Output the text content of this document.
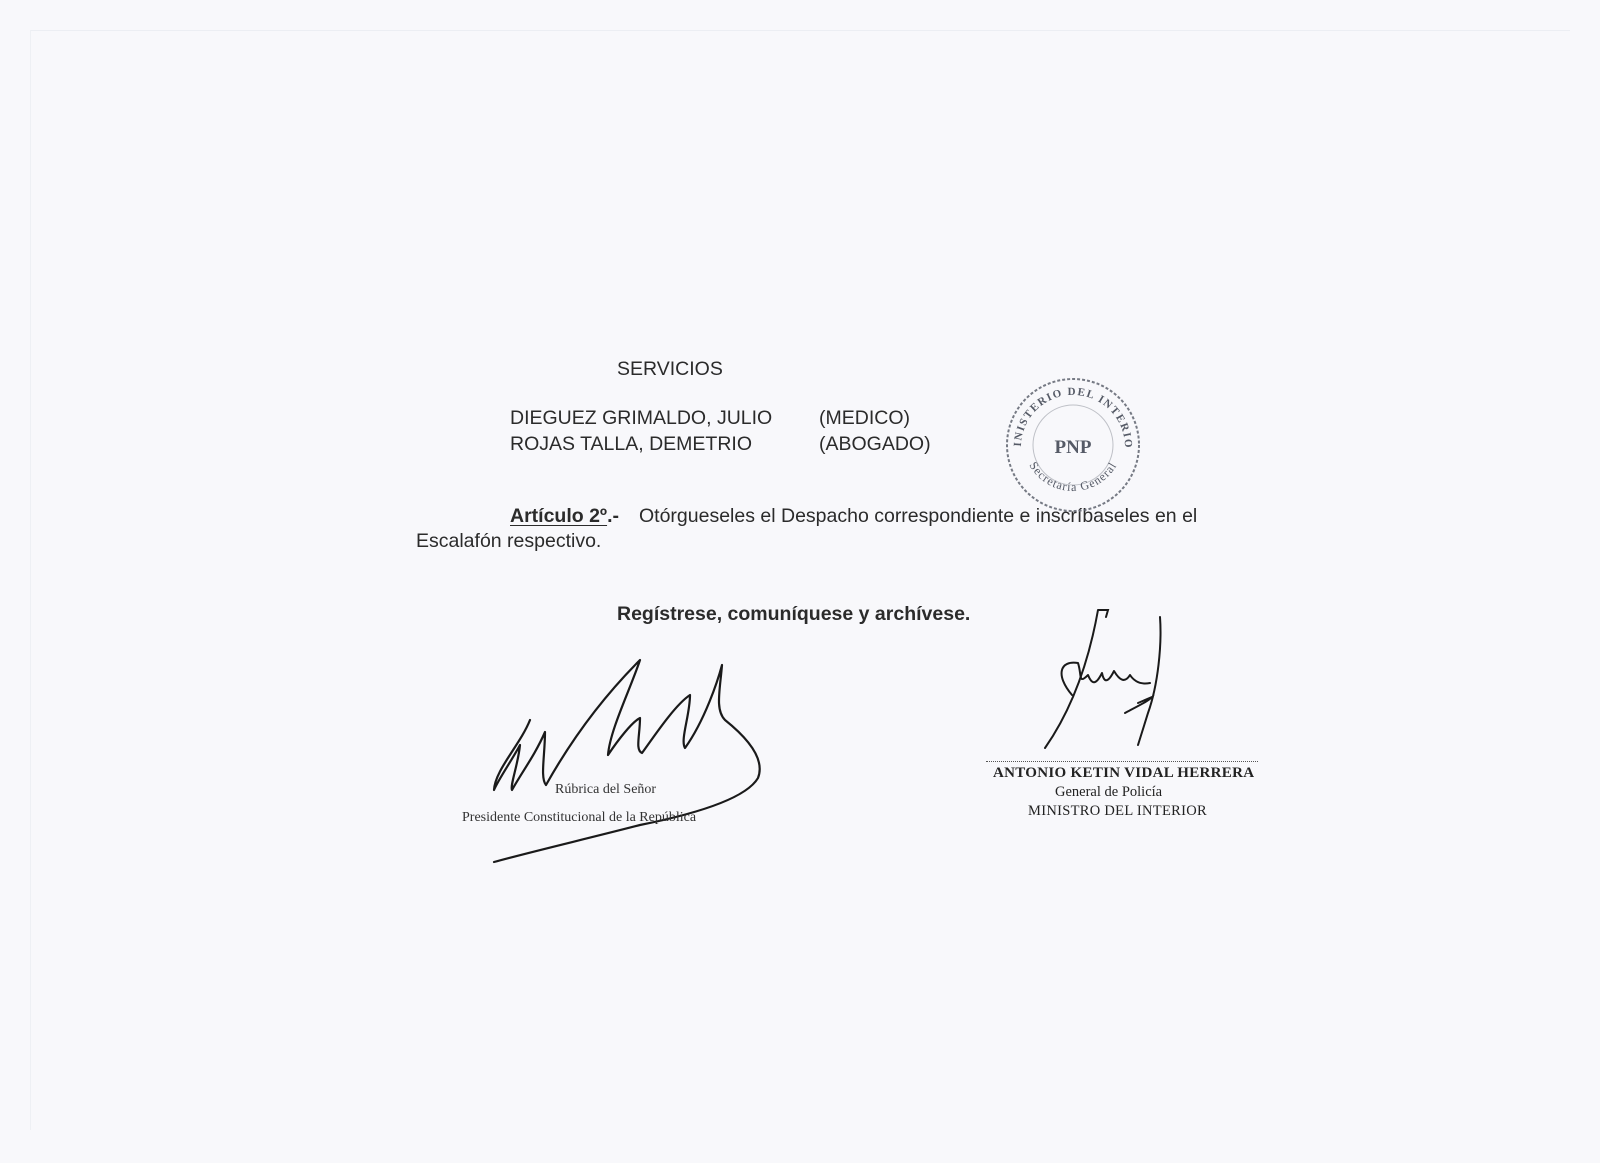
SERVICIOS
DIEGUEZ GRIMALDO, JULIO (MEDICO)
ROJAS TALLA, DEMETRIO	(ABOGADO)
Artículo 2º.- Otórgueseles el Despacho correspondiente e inscríbaseles en el
Escalafón respectivo.
Regístrese, comuníquese y archívese.
MINISTERIO DEL INTERIOR
Secretaría General
PNP
Rúbrica del Señor
Presidente Constitucional de la República
ANTONIO KETIN VIDAL HERRERA
General de Policía
MINISTRO DEL INTERIOR
